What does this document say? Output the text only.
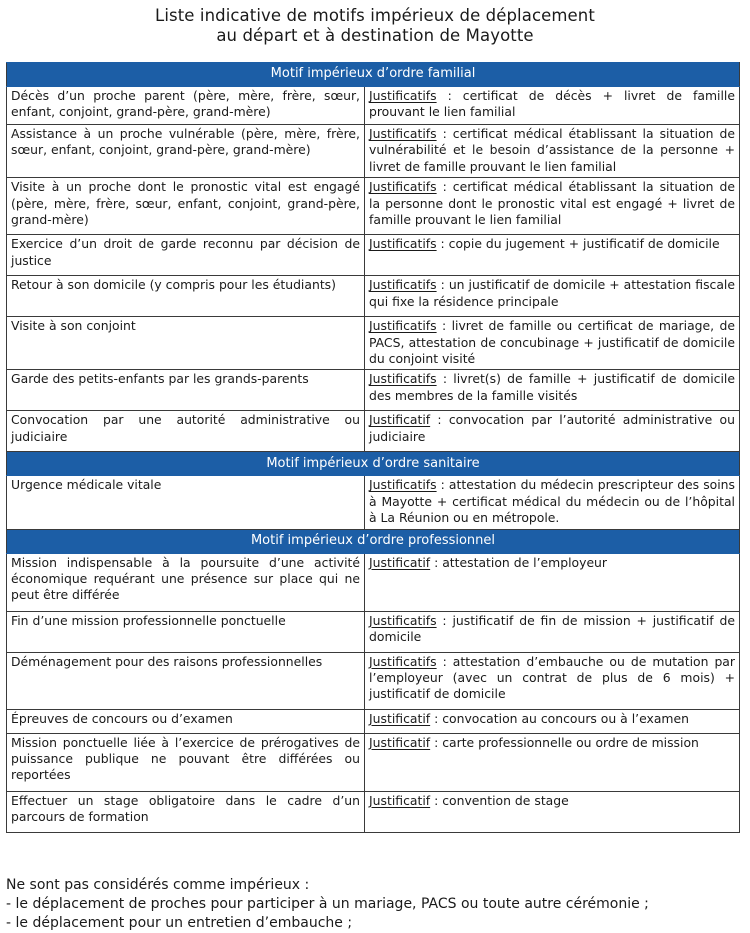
Liste indicative de motifs impérieux de déplacement
au départ et à destination de Mayotte
Motif impérieux d’ordre familial	
Décès d’un proche parent (père, mère, frère, sœur, enfant, conjoint, grand-père, grand-mère)	Justificatifs : certificat de décès + livret de famille prouvant le lien familial
Assistance à un proche vulnérable (père, mère, frère, sœur, enfant, conjoint, grand-père, grand-mère)	Justificatifs : certificat médical établissant la situation de vulnérabilité et le besoin d’assistance de la personne + livret de famille prouvant le lien familial
Visite à un proche dont le pronostic vital est engagé (père, mère, frère, sœur, enfant, conjoint, grand-père, grand-mère)	Justificatifs : certificat médical établissant la situation de la personne dont le pronostic vital est engagé + livret de famille prouvant le lien familial
Exercice d’un droit de garde reconnu par décision de justice	Justificatifs : copie du jugement + justificatif de domicile
Retour à son domicile (y compris pour les étudiants)	Justificatifs : un justificatif de domicile + attestation fiscale qui fixe la résidence principale
Visite à son conjoint	Justificatifs : livret de famille ou certificat de mariage, de PACS, attestation de concubinage + justificatif de domicile du conjoint visité
Garde des petits-enfants par les grands-parents	Justificatifs : livret(s) de famille + justificatif de domicile des membres de la famille visités
Convocation par une autorité administrative ou judiciaire	Justificatif : convocation par l’autorité administrative ou judiciaire
Motif impérieux d’ordre sanitaire	
Urgence médicale vitale	Justificatifs : attestation du médecin prescripteur des soins à Mayotte + certificat médical du médecin ou de l’hôpital à La Réunion ou en métropole.
Motif impérieux d’ordre professionnel	
Mission indispensable à la poursuite d’une activité économique requérant une présence sur place qui ne peut être différée	Justificatif : attestation de l’employeur
Fin d’une mission professionnelle ponctuelle	Justificatifs : justificatif de fin de mission + justificatif de domicile
Déménagement pour des raisons professionnelles	Justificatifs : attestation d’embauche ou de mutation par l’employeur (avec un contrat de plus de 6 mois) + justificatif de domicile
Épreuves de concours ou d’examen	Justificatif : convocation au concours ou à l’examen
Mission ponctuelle liée à l’exercice de prérogatives de puissance publique ne pouvant être différées ou reportées	Justificatif : carte professionnelle ou ordre de mission
Effectuer un stage obligatoire dans le cadre d’un parcours de formation	Justificatif : convention de stage
Ne sont pas considérés comme impérieux :
- le déplacement de proches pour participer à un mariage, PACS ou toute autre cérémonie ;
- le déplacement pour un entretien d’embauche ;
